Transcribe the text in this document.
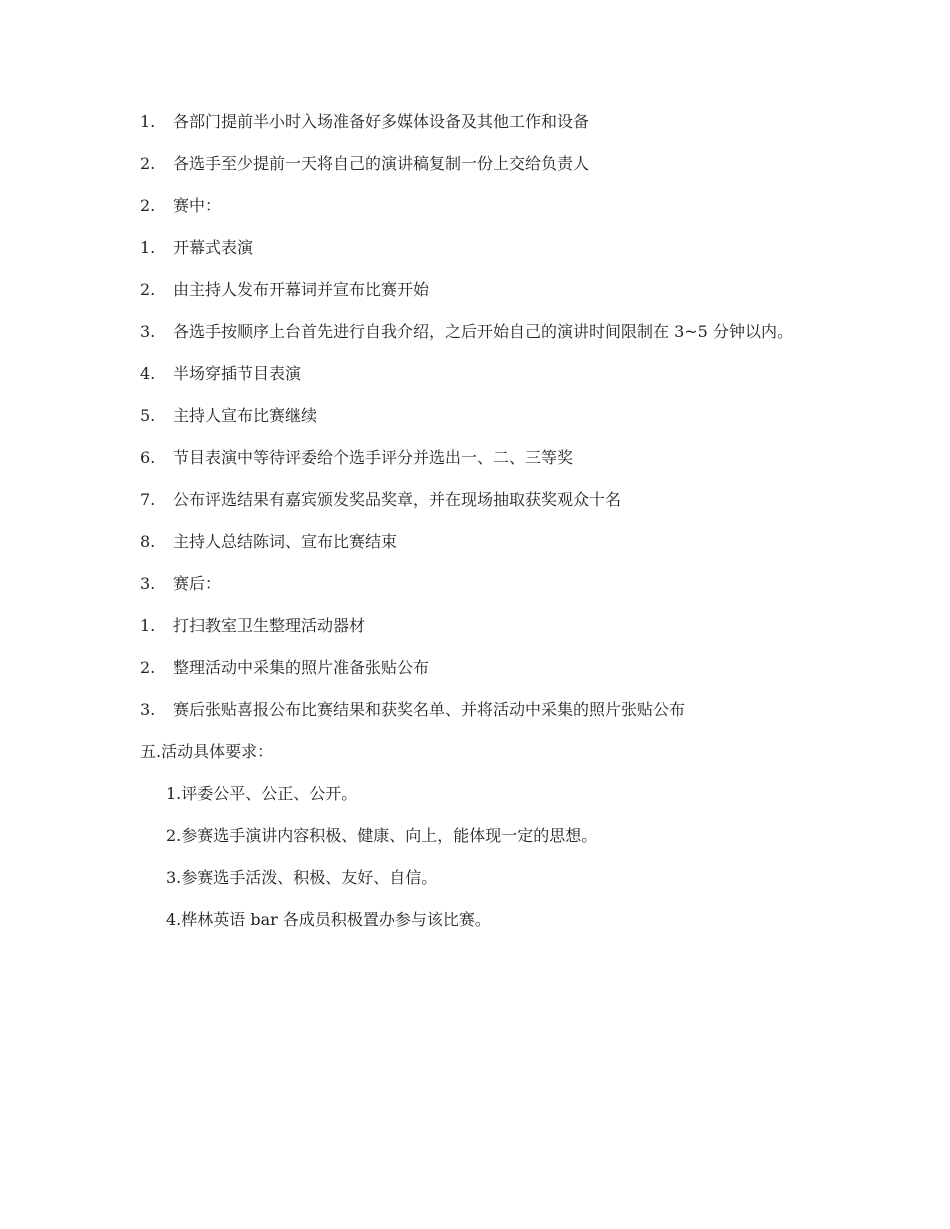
1. 各部门提前半小时入场准备好多媒体设备及其他工作和设备

2. 各选手至少提前一天将自己的演讲稿复制一份上交给负责人

2. 赛中：

1. 开幕式表演

2. 由主持人发布开幕词并宣布比赛开始

3. 各选手按顺序上台首先进行自我介绍，之后开始自己的演讲时间限制在 3~5 分钟以内。

4. 半场穿插节目表演

5. 主持人宣布比赛继续

6. 节目表演中等待评委给个选手评分并选出一、二、三等奖

7. 公布评选结果有嘉宾颁发奖品奖章，并在现场抽取获奖观众十名

8. 主持人总结陈词、宣布比赛结束

3. 赛后：

1. 打扫教室卫生整理活动器材

2. 整理活动中采集的照片准备张贴公布

3. 赛后张贴喜报公布比赛结果和获奖名单、并将活动中采集的照片张贴公布

五.活动具体要求：

1.评委公平、公正、公开。

2.参赛选手演讲内容积极、健康、向上，能体现一定的思想。

3.参赛选手活泼、积极、友好、自信。

4.桦林英语 bar 各成员积极置办参与该比赛。
